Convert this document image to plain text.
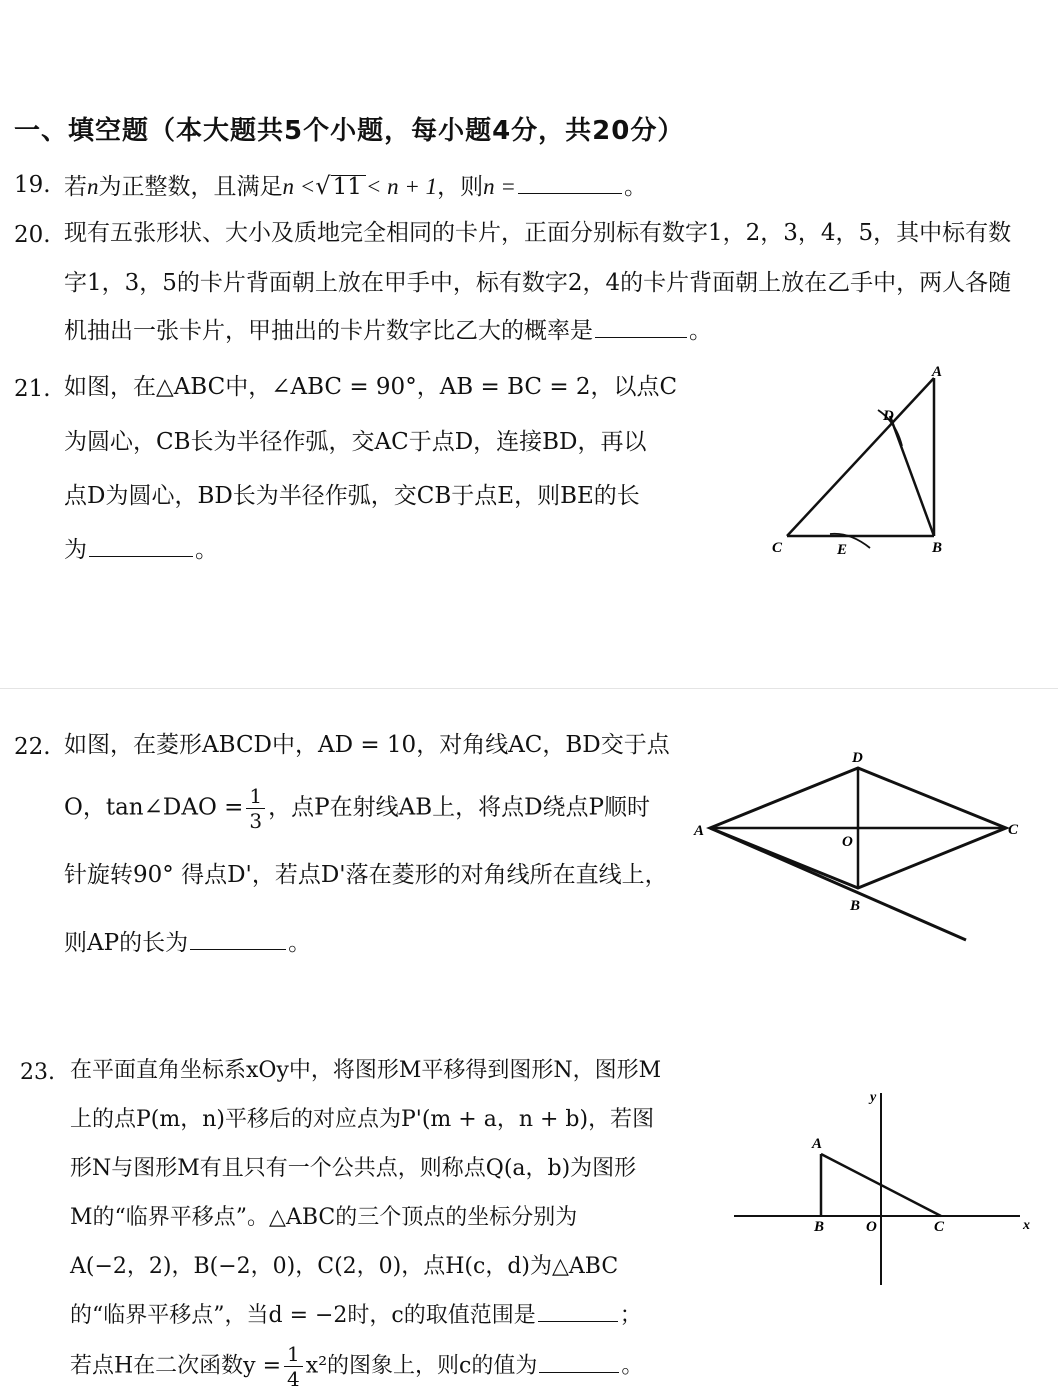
一、填空题（本大题共5个小题，每小题4分，共20分）
19. 若n为正整数，且满足n <√11 < n + 1，则n =	。
20. 现有五张形状、大小及质地完全相同的卡片，正面分别标有数字1，2，3，4，5，其中标有数
字1，3，5的卡片背面朝上放在甲手中，标有数字2，4的卡片背面朝上放在乙手中，两人各随
机抽出一张卡片，甲抽出的卡片数字比乙大的概率是	。
21. 如图，在△ABC中，∠ABC = 90°，AB = BC = 2，以点C
为圆心，CB长为半径作弧，交AC于点D，连接BD，再以
点D为圆心，BD长为半径作弧，交CB于点E，则BE的长
为	。
A
D
C	E	B
22. 如图，在菱形ABCD中，AD = 10，对角线AC，BD交于点
O，tan∠DAO = $\frac{1}{3}$ ，点P在射线AB上，将点D绕点P顺时
针旋转90° 得点D'，若点D'落在菱形的对角线所在直线上，
则AP的长为	。
D
A	C
O
B
23. 在平面直角坐标系xOy中，将图形M平移得到图形N，图形M
上的点P(m，n)平移后的对应点为P'(m + a，n + b)，若图
形N与图形M有且只有一个公共点，则称点Q(a，b)为图形
M的“临界平移点”。△ABC的三个顶点的坐标分别为
A(−2，2)，B(−2，0)，C(2，0)，点H(c，d)为△ABC
的“临界平移点”，当d = −2时，c的取值范围是	；
若点H在二次函数$y = \frac{1}{4} x^2$的图象上，则c的值为	。
y
x
A
B	O	C
